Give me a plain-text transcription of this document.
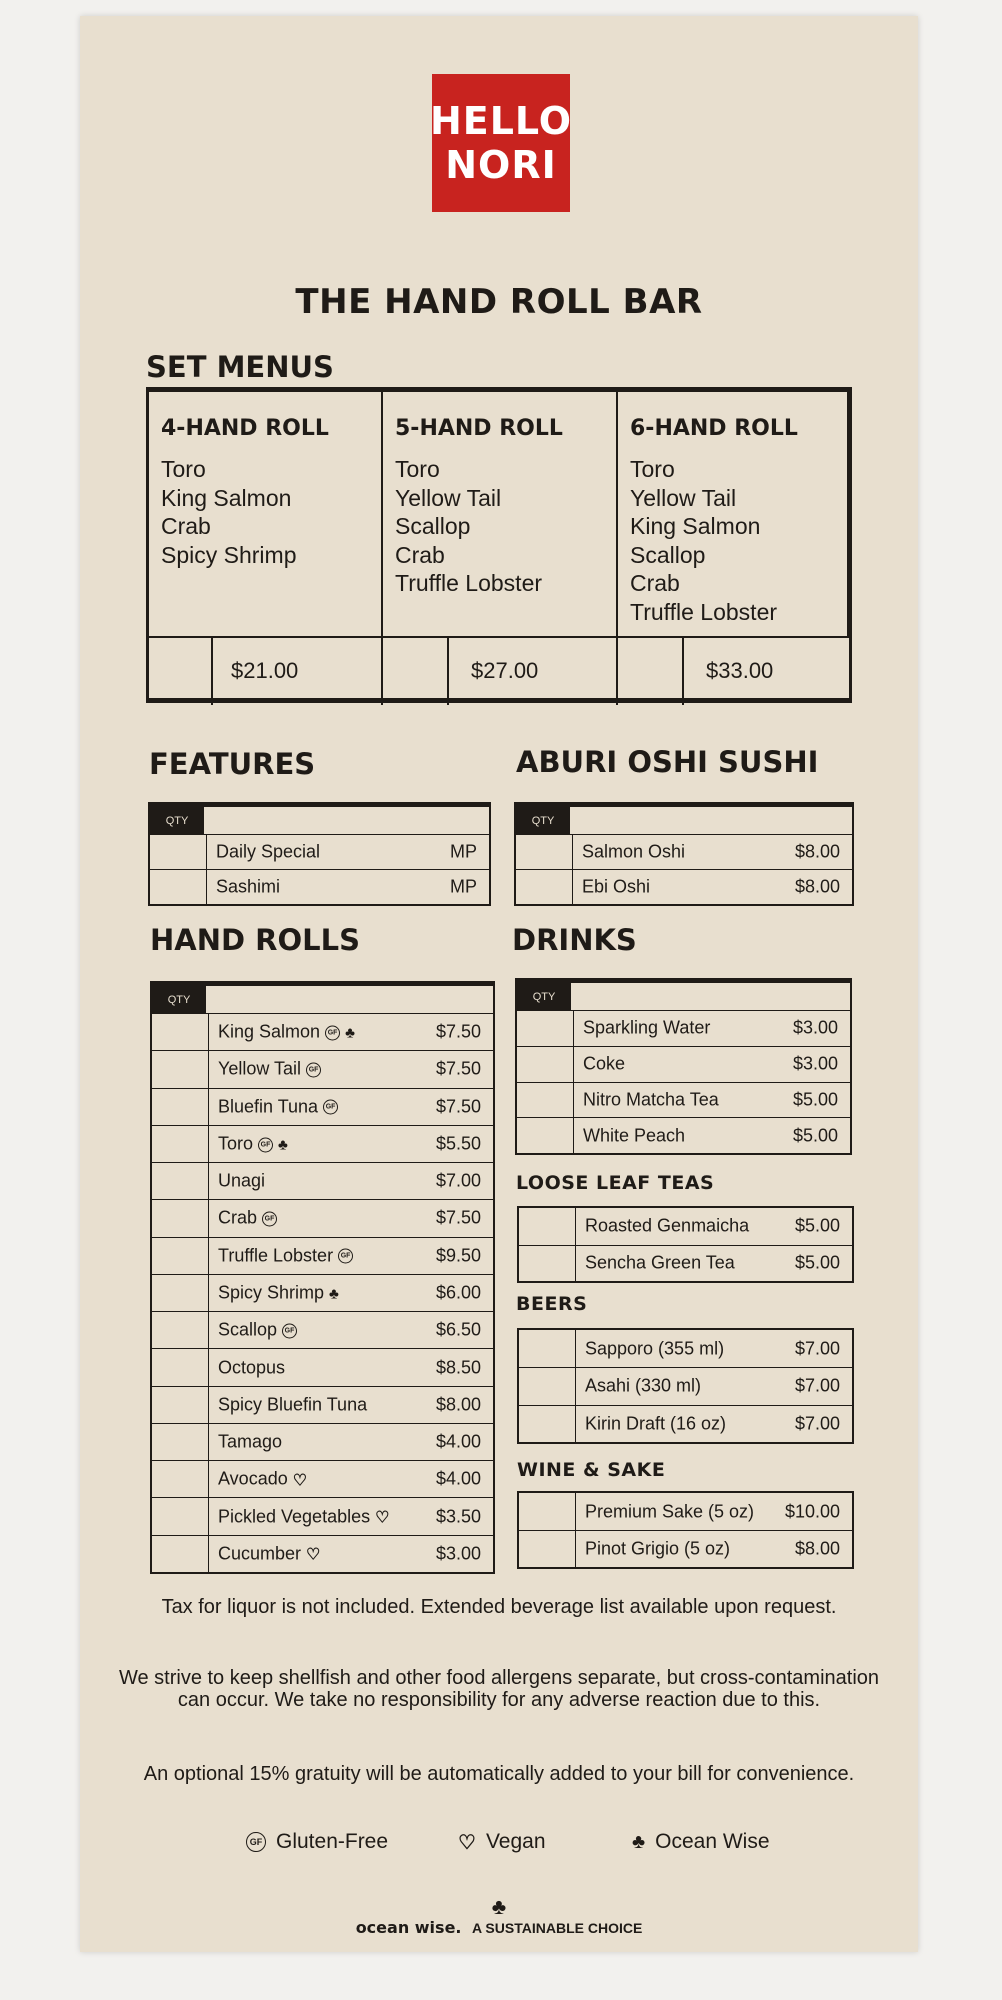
HELLO
NORI
THE HAND ROLL BAR
SET MENUS
4-HAND ROLL
Toro
King Salmon
Crab
Spicy Shrimp
5-HAND ROLL
Toro
Yellow Tail
Scallop
Crab
Truffle Lobster
6-HAND ROLL
Toro
Yellow Tail
King Salmon
Scallop
Crab
Truffle Lobster
$21.00	$27.00	$33.00
FEATURES
QTY
Daily Special	MP
Sashimi	MP
ABURI OSHI SUSHI
QTY
Salmon Oshi	$8.00
Ebi Oshi	$8.00
HAND ROLLS
QTY
King Salmon GF ♣	$7.50
Yellow Tail GF	$7.50
Bluefin Tuna GF	$7.50
Toro GF ♣	$5.50
Unagi	$7.00
Crab GF	$7.50
Truffle Lobster GF	$9.50
Spicy Shrimp ♣	$6.00
Scallop GF	$6.50
Octopus	$8.50
Spicy Bluefin Tuna	$8.00
Tamago	$4.00
Avocado ♡	$4.00
Pickled Vegetables ♡	$3.50
Cucumber ♡	$3.00
DRINKS
QTY
Sparkling Water	$3.00
Coke	$3.00
Nitro Matcha Tea	$5.00
White Peach	$5.00
LOOSE LEAF TEAS
Roasted Genmaicha	$5.00
Sencha Green Tea	$5.00
BEERS
Sapporo (355 ml)	$7.00
Asahi (330 ml)	$7.00
Kirin Draft (16 oz)	$7.00
WINE & SAKE
Premium Sake (5 oz) $10.00
Pinot Grigio (5 oz)	$8.00
Tax for liquor is not included. Extended beverage list available upon request.
We strive to keep shellfish and other food allergens separate, but cross-contamination can occur. We take no responsibility for any adverse reaction due to this.
An optional 15% gratuity will be automatically added to your bill for convenience.
GF Gluten-Free	♡ Vegan	♣ Ocean Wise
♣
ocean wise. A SUSTAINABLE CHOICE
